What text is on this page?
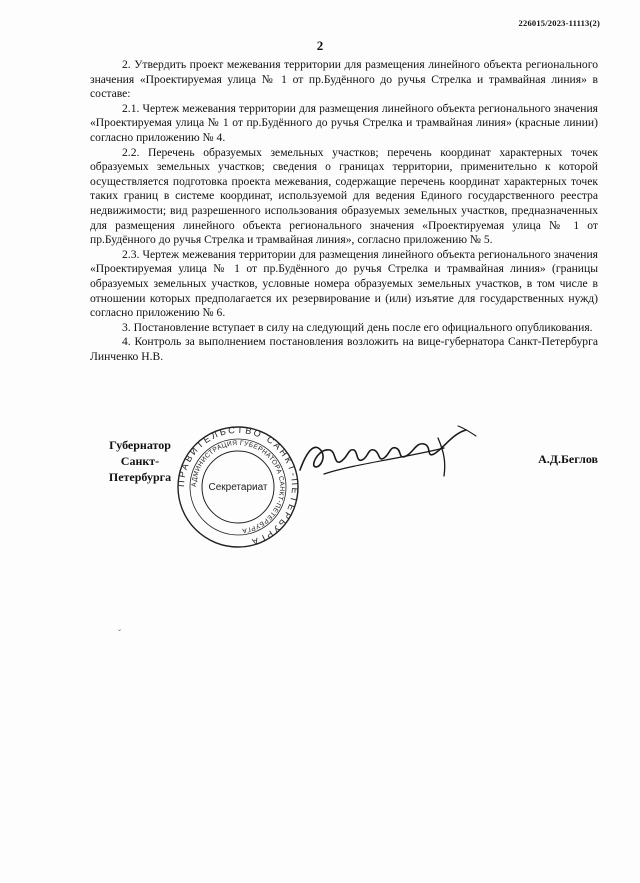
226015/2023-11113(2)
2

2. Утвердить проект межевания территории для размещения линейного объекта регионального значения «Проектируемая улица № 1 от пр.Будённого до ручья Стрелка и трамвайная линия» в составе:

2.1. Чертеж межевания территории для размещения линейного объекта регионального значения «Проектируемая улица № 1 от пр.Будённого до ручья Стрелка и трамвайная линия» (красные линии) согласно приложению № 4.

2.2. Перечень образуемых земельных участков; перечень координат характерных точек образуемых земельных участков; сведения о границах территории, применительно к которой осуществляется подготовка проекта межевания, содержащие перечень координат характерных точек таких границ в системе координат, используемой для ведения Единого государственного реестра недвижимости; вид разрешенного использования образуемых земельных участков, предназначенных для размещения линейного объекта регионального значения «Проектируемая улица № 1 от пр.Будённого до ручья Стрелка и трамвайная линия», согласно приложению № 5.

2.3. Чертеж межевания территории для размещения линейного объекта регионального значения «Проектируемая улица № 1 от пр.Будённого до ручья Стрелка и трамвайная линия» (границы образуемых земельных участков, условные номера образуемых земельных участков, в том числе в отношении которых предполагается их резервирование и (или) изъятие для государственных нужд) согласно приложению № 6.

3. Постановление вступает в силу на следующий день после его официального опубликования.

4. Контроль за выполнением постановления возложить на вице-губернатора Санкт-Петербурга Линченко Н.В.

Губернатор
Санкт-Петербурга ПРАВИТЕЛЬСТВО САНКТ-ПЕТЕРБУРГА
АДМИНИСТРАЦИЯ ГУБЕРНАТОРА САНКТ-ПЕТЕРБУРГА
Секретариат
А.Д.Беглов
˘
